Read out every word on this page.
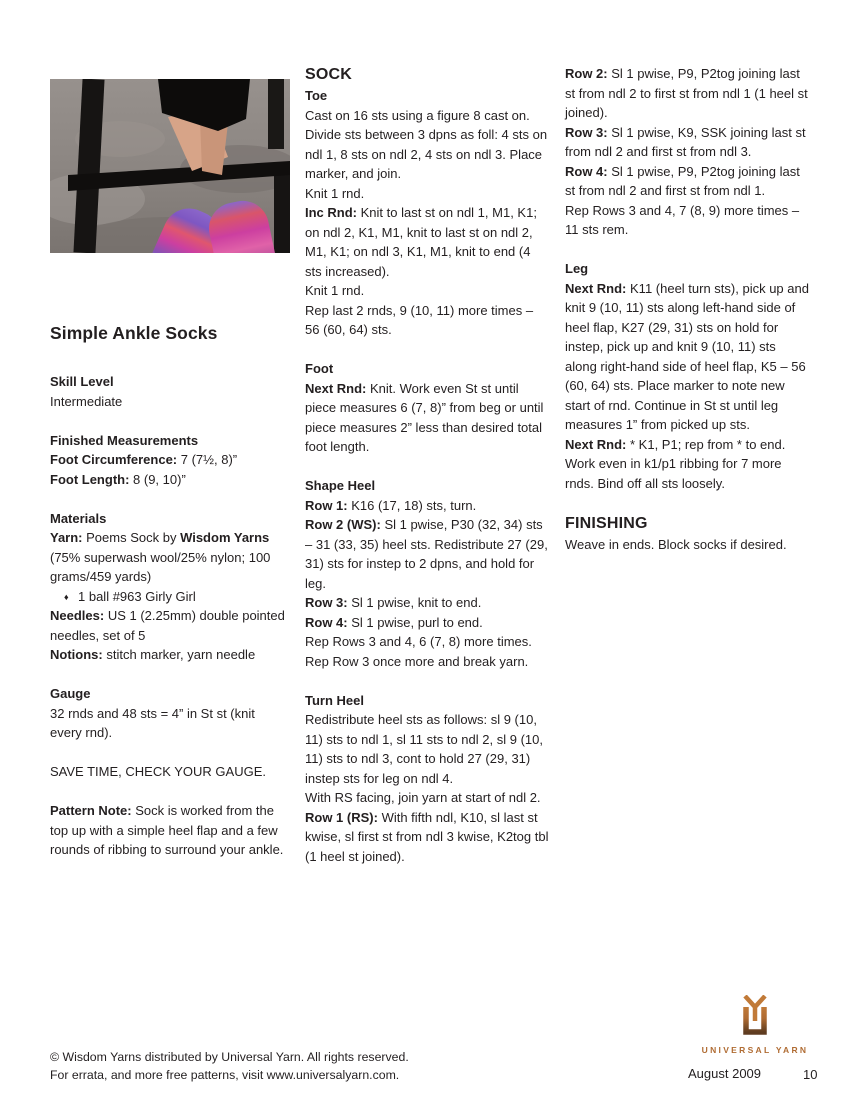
Simple Ankle Socks
Skill Level
Intermediate
Finished Measurements
Foot Circumference: 7 (7½, 8)”
Foot Length: 8 (9, 10)”
Materials
Yarn: Poems Sock by Wisdom Yarns (75% superwash wool/25% nylon; 100 grams/459 yards)
♦ 1 ball #963 Girly Girl
Needles: US 1 (2.25mm) double pointed needles, set of 5
Notions: stitch marker, yarn needle
Gauge
32 rnds and 48 sts = 4” in St st (knit every rnd).
SAVE TIME, CHECK YOUR GAUGE.
Pattern Note: Sock is worked from the top up with a simple heel flap and a few rounds of ribbing to surround your ankle.
SOCK
Toe
Cast on 16 sts using a figure 8 cast on. Divide sts between 3 dpns as foll: 4 sts on ndl 1, 8 sts on ndl 2, 4 sts on ndl 3. Place marker, and join.
Knit 1 rnd.
Inc Rnd: Knit to last st on ndl 1, M1, K1; on ndl 2, K1, M1, knit to last st on ndl 2, M1, K1; on ndl 3, K1, M1, knit to end (4 sts increased).
Knit 1 rnd.
Rep last 2 rnds, 9 (10, 11) more times – 56 (60, 64) sts.
Foot
Next Rnd: Knit. Work even St st until piece measures 6 (7, 8)” from beg or until piece measures 2” less than desired total foot length.
Shape Heel
Row 1: K16 (17, 18) sts, turn.
Row 2 (WS): Sl 1 pwise, P30 (32, 34) sts – 31 (33, 35) heel sts. Redistribute 27 (29, 31) sts for instep to 2 dpns, and hold for leg.
Row 3: Sl 1 pwise, knit to end.
Row 4: Sl 1 pwise, purl to end.
Rep Rows 3 and 4, 6 (7, 8) more times.
Rep Row 3 once more and break yarn.
Turn Heel
Redistribute heel sts as follows: sl 9 (10, 11) sts to ndl 1, sl 11 sts to ndl 2, sl 9 (10, 11) sts to ndl 3, cont to hold 27 (29, 31) instep sts for leg on ndl 4.
With RS facing, join yarn at start of ndl 2.
Row 1 (RS): With fifth ndl, K10, sl last st kwise, sl first st from ndl 3 kwise, K2tog tbl (1 heel st joined).
Row 2: Sl 1 pwise, P9, P2tog joining last st from ndl 2 to first st from ndl 1 (1 heel st joined).
Row 3: Sl 1 pwise, K9, SSK joining last st from ndl 2 and first st from ndl 3.
Row 4: Sl 1 pwise, P9, P2tog joining last st from ndl 2 and first st from ndl 1.
Rep Rows 3 and 4, 7 (8, 9) more times – 11 sts rem.
Leg
Next Rnd: K11 (heel turn sts), pick up and knit 9 (10, 11) sts along left-hand side of heel flap, K27 (29, 31) sts on hold for instep, pick up and knit 9 (10, 11) sts along right-hand side of heel flap, K5 – 56 (60, 64) sts. Place marker to note new start of rnd. Continue in St st until leg measures 1” from picked up sts.
Next Rnd: * K1, P1; rep from * to end. Work even in k1/p1 ribbing for 7 more rnds. Bind off all sts loosely.
FINISHING
Weave in ends. Block socks if desired.
© Wisdom Yarns distributed by Universal Yarn. All rights reserved.
For errata, and more free patterns, visit www.universalyarn.com.
UNIVERSAL YARN
August 2009	10
